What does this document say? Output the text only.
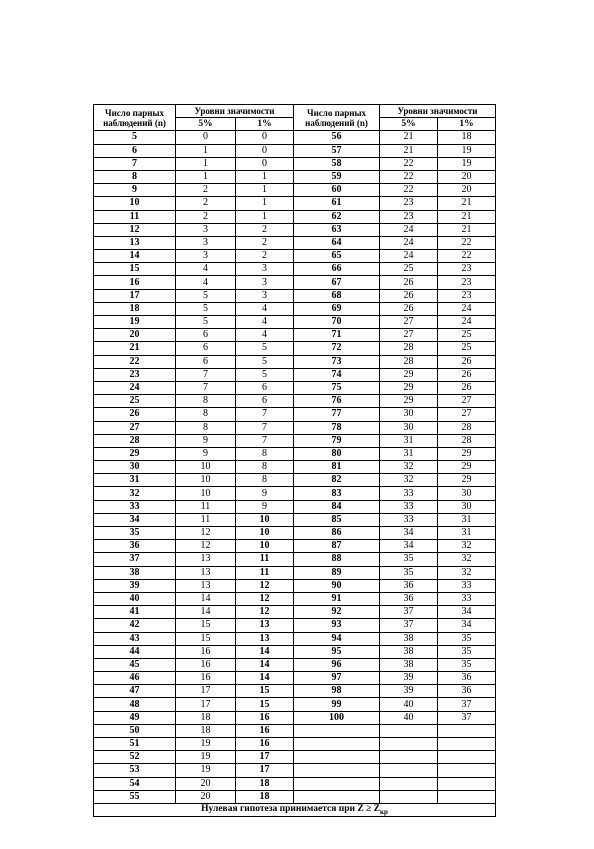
Число парных наблюдений (n)	Уровни значимости		Число парных наблюдений (n)	Уровни значимости	
	5%	1%		5%	1%
5	0	0	56	21	18
6	1	0	57	21	19
7	1	0	58	22	19
8	1	1	59	22	20
9	2	1	60	22	20
10	2	1	61	23	21
11	2	1	62	23	21
12	3	2	63	24	21
13	3	2	64	24	22
14	3	2	65	24	22
15	4	3	66	25	23
16	4	3	67	26	23
17	5	3	68	26	23
18	5	4	69	26	24
19	5	4	70	27	24
20	6	4	71	27	25
21	6	5	72	28	25
22	6	5	73	28	26
23	7	5	74	29	26
24	7	6	75	29	26
25	8	6	76	29	27
26	8	7	77	30	27
27	8	7	78	30	28
28	9	7	79	31	28
29	9	8	80	31	29
30	10	8	81	32	29
31	10	8	82	32	29
32	10	9	83	33	30
33	11	9	84	33	30
34	11	10	85	33	31
35	12	10	86	34	31
36	12	10	87	34	32
37	13	11	88	35	32
38	13	11	89	35	32
39	13	12	90	36	33
40	14	12	91	36	33
41	14	12	92	37	34
42	15	13	93	37	34
43	15	13	94	38	35
44	16	14	95	38	35
45	16	14	96	38	35
46	16	14	97	39	36
47	17	15	98	39	36
48	17	15	99	40	37
49	18	16	100	40	37
50	18	16			
51	19	16			
52	19	17			
53	19	17			
54	20	18			
55	20	18			
Нулевая гипотеза принимается при $Z \ge Z_{кр}$
